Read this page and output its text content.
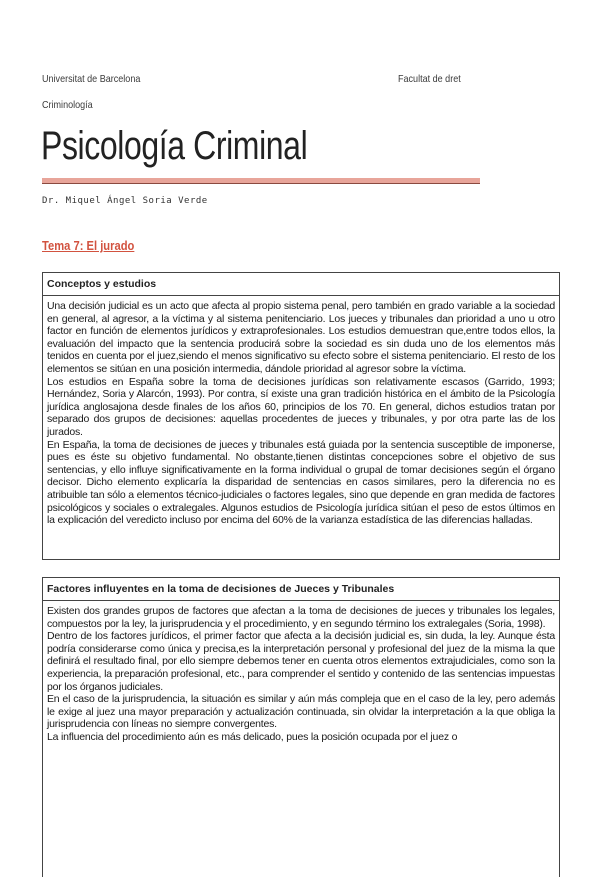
Universitat de Barcelona	Facultat de dret
Criminología
Psicología Criminal
Dr. Miquel Ángel Soria Verde
Tema 7: El jurado
Conceptos y estudios

Una decisión judicial es un acto que afecta al propio sistema penal, pero también en grado variable a la sociedad en general, al agresor, a la víctima y al sistema penitenciario. Los jueces y tribunales dan prioridad a uno u otro factor en función de elementos jurídicos y extraprofesionales. Los estudios demuestran que,entre todos ellos, la evaluación del impacto que la sentencia producirá sobre la sociedad es sin duda uno de los elementos más tenidos en cuenta por el juez,siendo el menos significativo su efecto sobre el sistema penitenciario. El resto de los elementos se sitúan en una posición intermedia, dándole prioridad al agresor sobre la víctima.

Los estudios en España sobre la toma de decisiones jurídicas son relativamente escasos (Garrido, 1993; Hernández, Soria y Alarcón, 1993). Por contra, sí existe una gran tradición histórica en el ámbito de la Psicología jurídica anglosajona desde finales de los años 60, principios de los 70. En general, dichos estudios tratan por separado dos grupos de decisiones: aquellas procedentes de jueces y tribunales, y por otra parte las de los jurados.

En España, la toma de decisiones de jueces y tribunales está guiada por la sentencia susceptible de imponerse, pues es éste su objetivo fundamental. No obstante,tienen distintas concepciones sobre el objetivo de sus sentencias, y ello influye significativamente en la forma individual o grupal de tomar decisiones según el órgano decisor. Dicho elemento explicaría la disparidad de sentencias en casos similares, pero la diferencia no es atribuible tan sólo a elementos técnico-judiciales o factores legales, sino que depende en gran medida de factores psicológicos y sociales o extralegales. Algunos estudios de Psicología jurídica sitúan el peso de estos últimos en la explicación del veredicto incluso por encima del 60% de la varianza estadística de las diferencias halladas.

Factores influyentes en la toma de decisiones de Jueces y Tribunales

Existen dos grandes grupos de factores que afectan a la toma de decisiones de jueces y tribunales los legales, compuestos por la ley, la jurisprudencia y el procedimiento, y en segundo término los extralegales (Soria, 1998).

Dentro de los factores jurídicos, el primer factor que afecta a la decisión judicial es, sin duda, la ley. Aunque ésta podría considerarse como única y precisa,es la interpretación personal y profesional del juez de la misma la que definirá el resultado final, por ello siempre debemos tener en cuenta otros elementos extrajudiciales, como son la experiencia, la preparación profesional, etc., para comprender el sentido y contenido de las sentencias impuestas por los órganos judiciales.

En el caso de la jurisprudencia, la situación es similar y aún más compleja que en el caso de la ley, pero además le exige al juez una mayor preparación y actualización continuada, sin olvidar la interpretación a la que obliga la jurisprudencia con líneas no siempre convergentes.

La influencia del procedimiento aún es más delicado, pues la posición ocupada por el juez o
